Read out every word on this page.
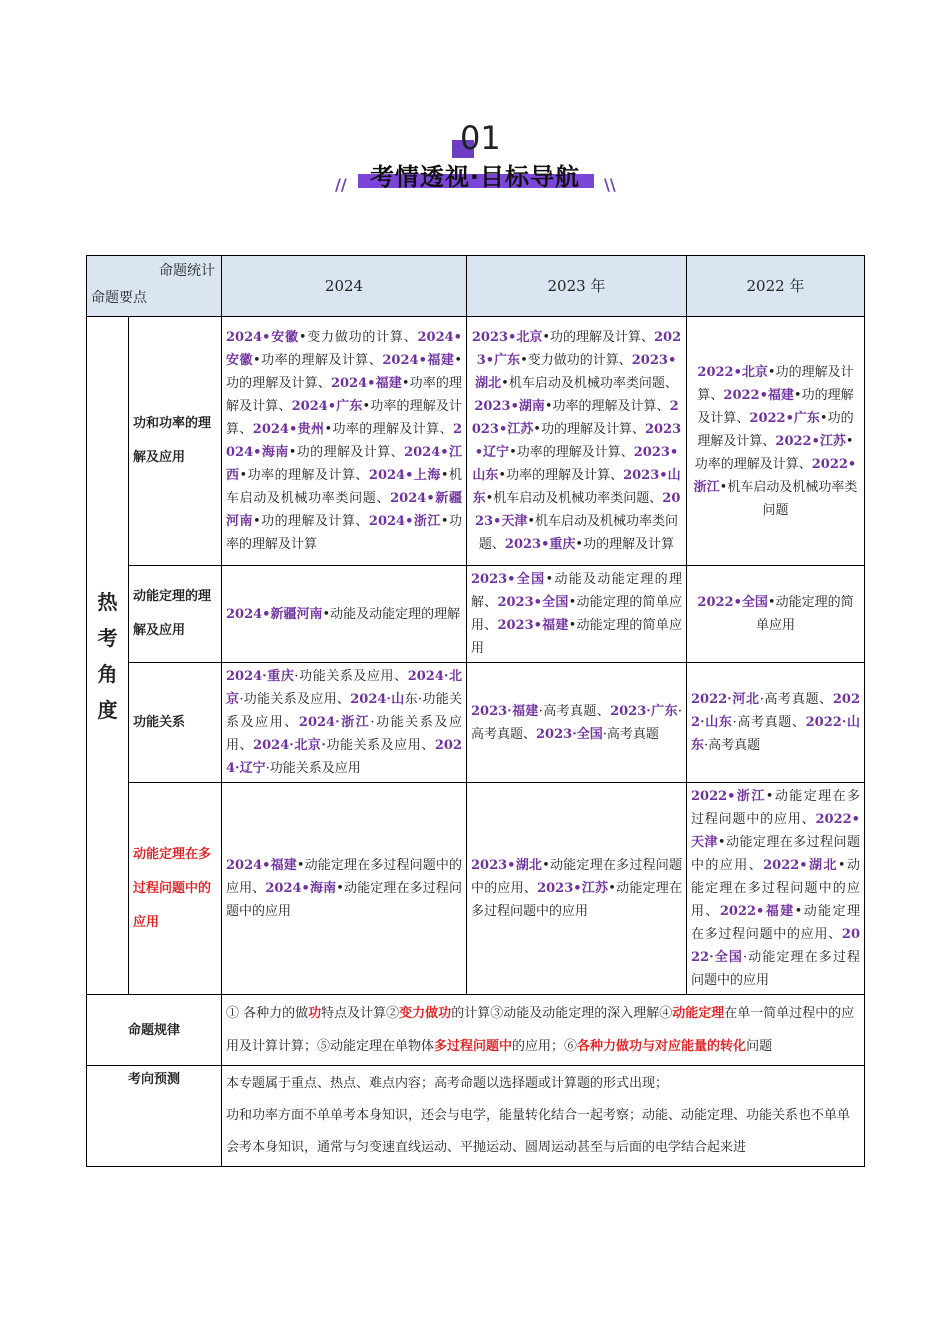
01
// 考情透视·目标导航	\\
命题统计
命题要点		2024	2023 年	2022 年
热
考
角
度	功和功率的理解及应用	2024•安徽•变力做功的计算、2024•安徽•功率的理解及计算、2024•福建•功的理解及计算、2024•福建•功率的理解及计算、2024•广东•功率的理解及计算、2024•贵州•功率的理解及计算、2024•海南•功的理解及计算、2024•江西•功率的理解及计算、2024•上海•机车启动及机械功率类问题、2024•新疆河南•功的理解及计算、2024•浙江•功率的理解及计算	2023•北京•功的理解及计算、2023•广东•变力做功的计算、2023•湖北•机车启动及机械功率类问题、2023•湖南•功率的理解及计算、2023•江苏•功的理解及计算、2023•辽宁•功率的理解及计算、2023•山东•功率的理解及计算、2023•山东•机车启动及机械功率类问题、2023•天津•机车启动及机械功率类问题、2023•重庆•功的理解及计算	2022•北京•功的理解及计算、2022•福建•功的理解及计算、2022•广东•功的理解及计算、2022•江苏•功率的理解及计算、2022•浙江•机车启动及机械功率类问题
	动能定理的理解及应用	2024•新疆河南•动能及动能定理的理解	2023•全国•动能及动能定理的理解、2023•全国•动能定理的简单应用、2023•福建•动能定理的简单应用	2022•全国•动能定理的简单应用
	功能关系	2024·重庆·功能关系及应用、2024·北京·功能关系及应用、2024·山东·功能关系及应用、2024·浙江·功能关系及应用、2024·北京·功能关系及应用、2024·辽宁·功能关系及应用	2023·福建·高考真题、2023·广东·高考真题、2023·全国·高考真题	2022·河北·高考真题、2022·山东·高考真题、2022·山东·高考真题
	动能定理在多过程问题中的应用	2024•福建•动能定理在多过程问题中的应用、2024•海南•动能定理在多过程问题中的应用	2023•湖北•动能定理在多过程问题中的应用、2023•江苏•动能定理在多过程问题中的应用	2022•浙江•动能定理在多过程问题中的应用、2022•天津•动能定理在多过程问题中的应用、2022•湖北•动能定理在多过程问题中的应用、2022•福建•动能定理在多过程问题中的应用、2022·全国·动能定理在多过程问题中的应用
命题规律		① 各种力的做功特点及计算②变力做功的计算③动能及动能定理的深入理解④动能定理在单一简单过程中的应用及计算计算；⑤动能定理在单物体多过程问题中的应用；⑥各种力做功与对应能量的转化问题		
考向预测		本专题属于重点、热点、难点内容；高考命题以选择题或计算题的形式出现；
功和功率方面不单单考本身知识，还会与电学，能量转化结合一起考察；动能、动能定理、功能关系也不单单会考本身知识，通常与匀变速直线运动、平抛运动、圆周运动甚至与后面的电学结合起来进		
